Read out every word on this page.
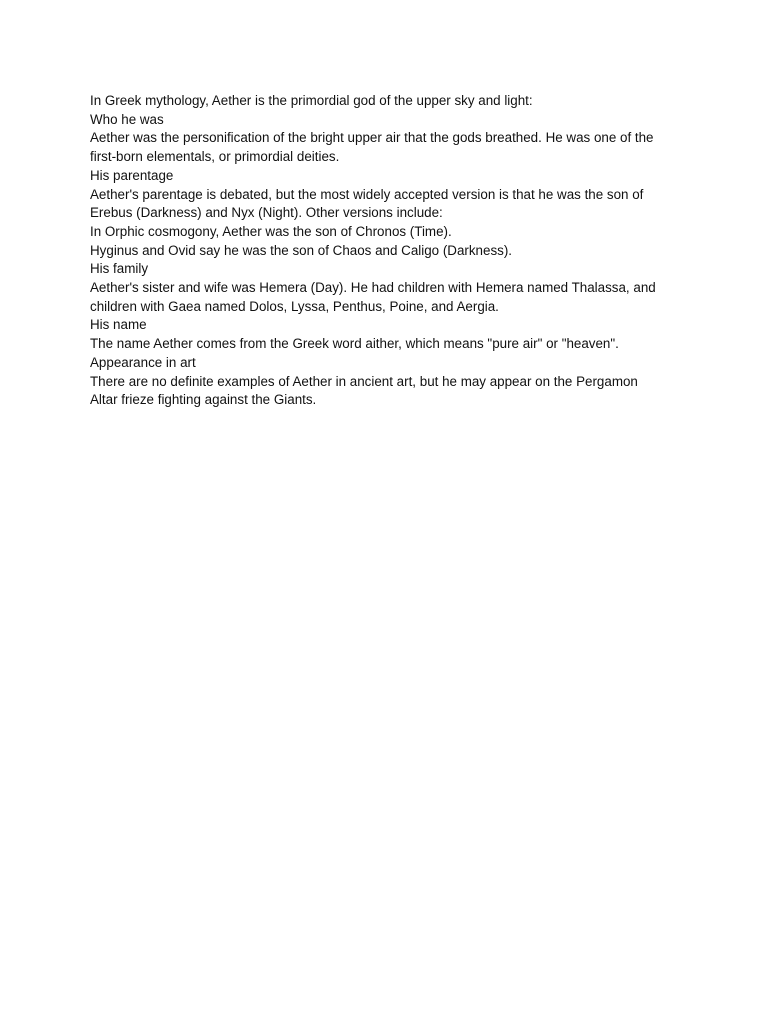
In Greek mythology, Aether is the primordial god of the upper sky and light:

Who he was

Aether was the personification of the bright upper air that the gods breathed. He was one of the

first-born elementals, or primordial deities.

His parentage

Aether's parentage is debated, but the most widely accepted version is that he was the son of

Erebus (Darkness) and Nyx (Night). Other versions include:

In Orphic cosmogony, Aether was the son of Chronos (Time).

Hyginus and Ovid say he was the son of Chaos and Caligo (Darkness).

His family

Aether's sister and wife was Hemera (Day). He had children with Hemera named Thalassa, and

children with Gaea named Dolos, Lyssa, Penthus, Poine, and Aergia.

His name

The name Aether comes from the Greek word aither, which means "pure air" or "heaven".

Appearance in art

There are no definite examples of Aether in ancient art, but he may appear on the Pergamon

Altar frieze fighting against the Giants.
